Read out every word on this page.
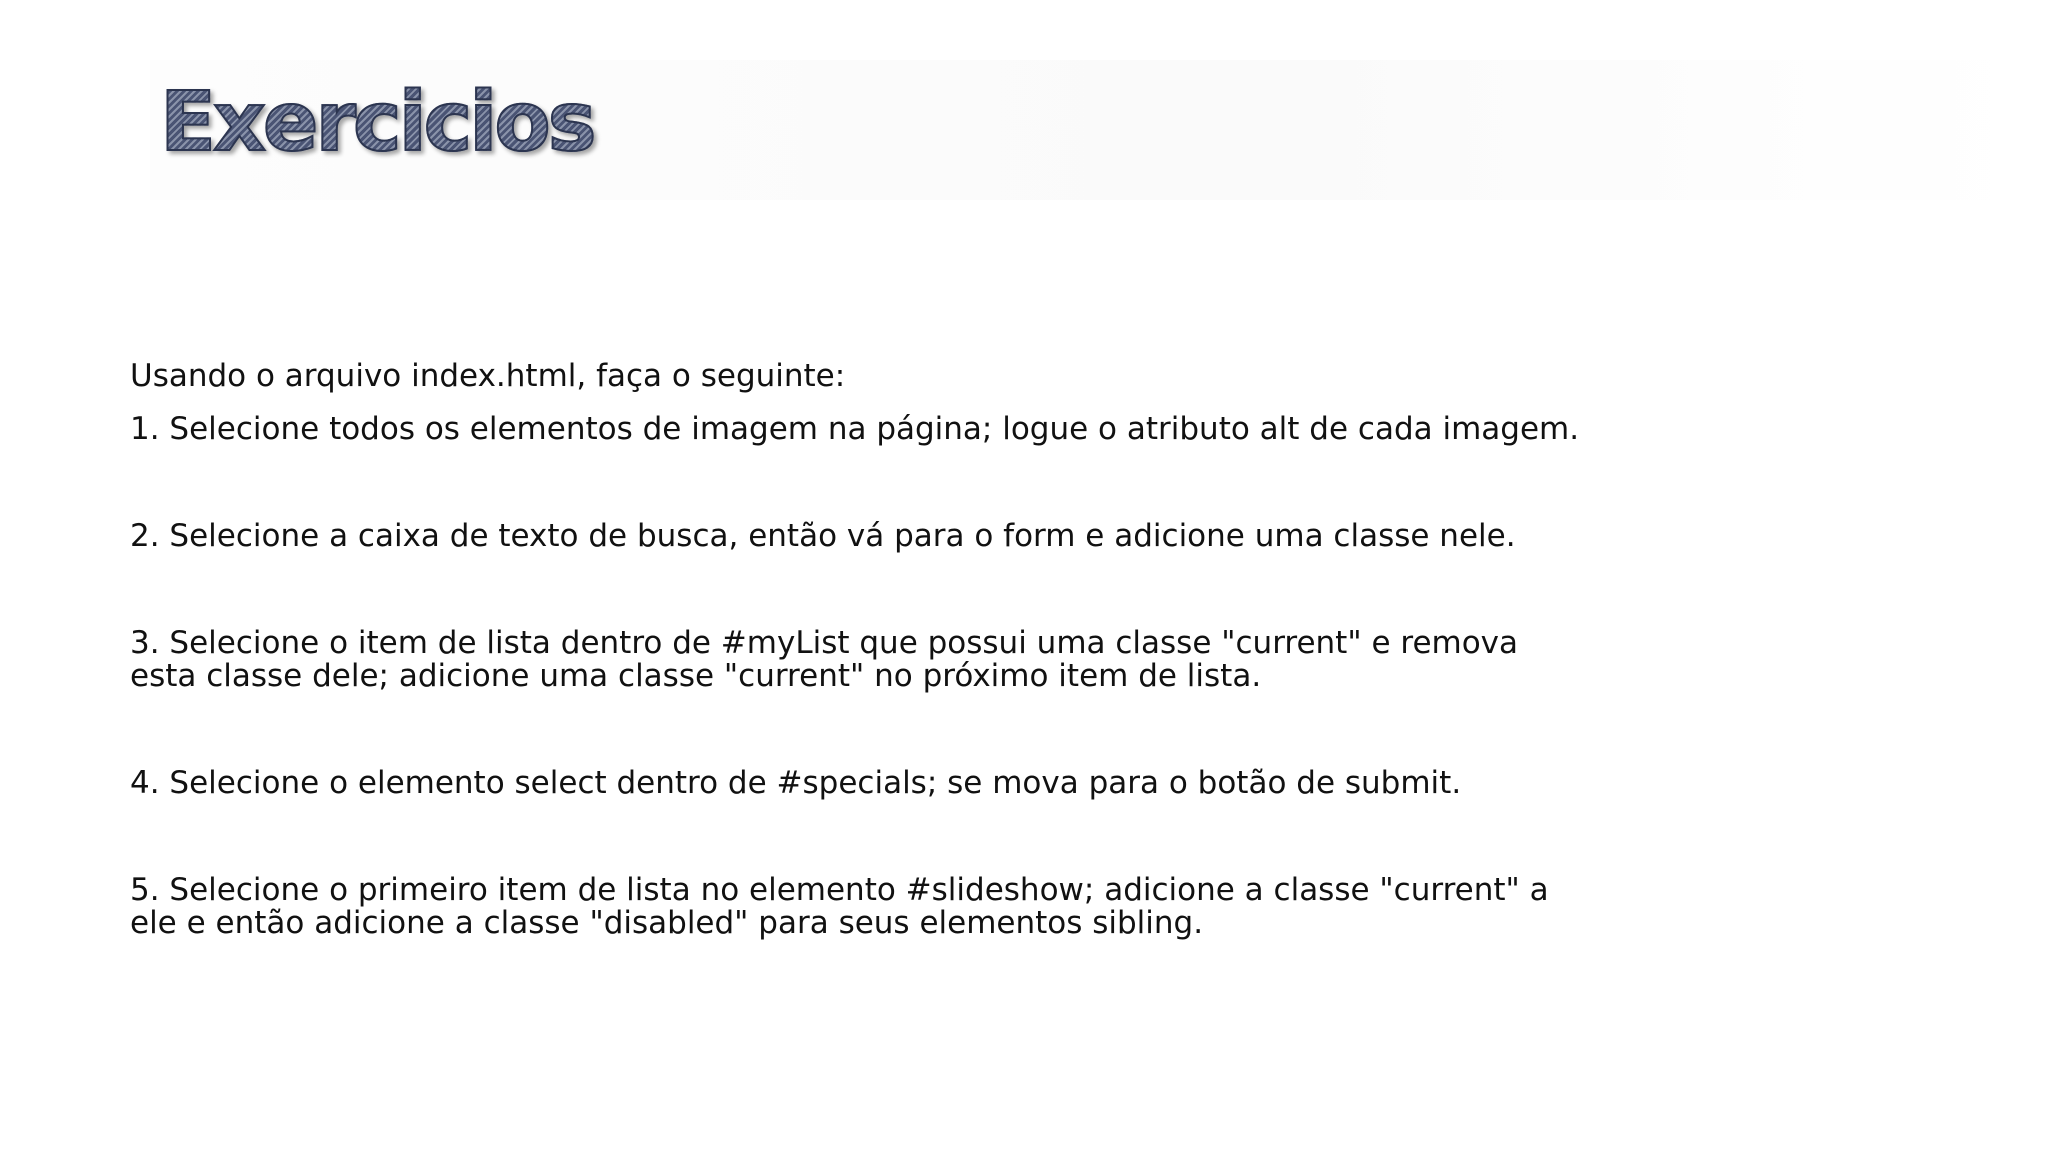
Exercicios

Usando o arquivo index.html, faça o seguinte:

1. Selecione todos os elementos de imagem na página; logue o atributo alt de cada imagem.

2. Selecione a caixa de texto de busca, então vá para o form e adicione uma classe nele.

3. Selecione o item de lista dentro de #myList que possui uma classe "current" e remova esta classe dele; adicione uma classe "current" no próximo item de lista.

4. Selecione o elemento select dentro de #specials; se mova para o botão de submit.

5. Selecione o primeiro item de lista no elemento #slideshow; adicione a classe "current" a ele e então adicione a classe "disabled" para seus elementos sibling.
